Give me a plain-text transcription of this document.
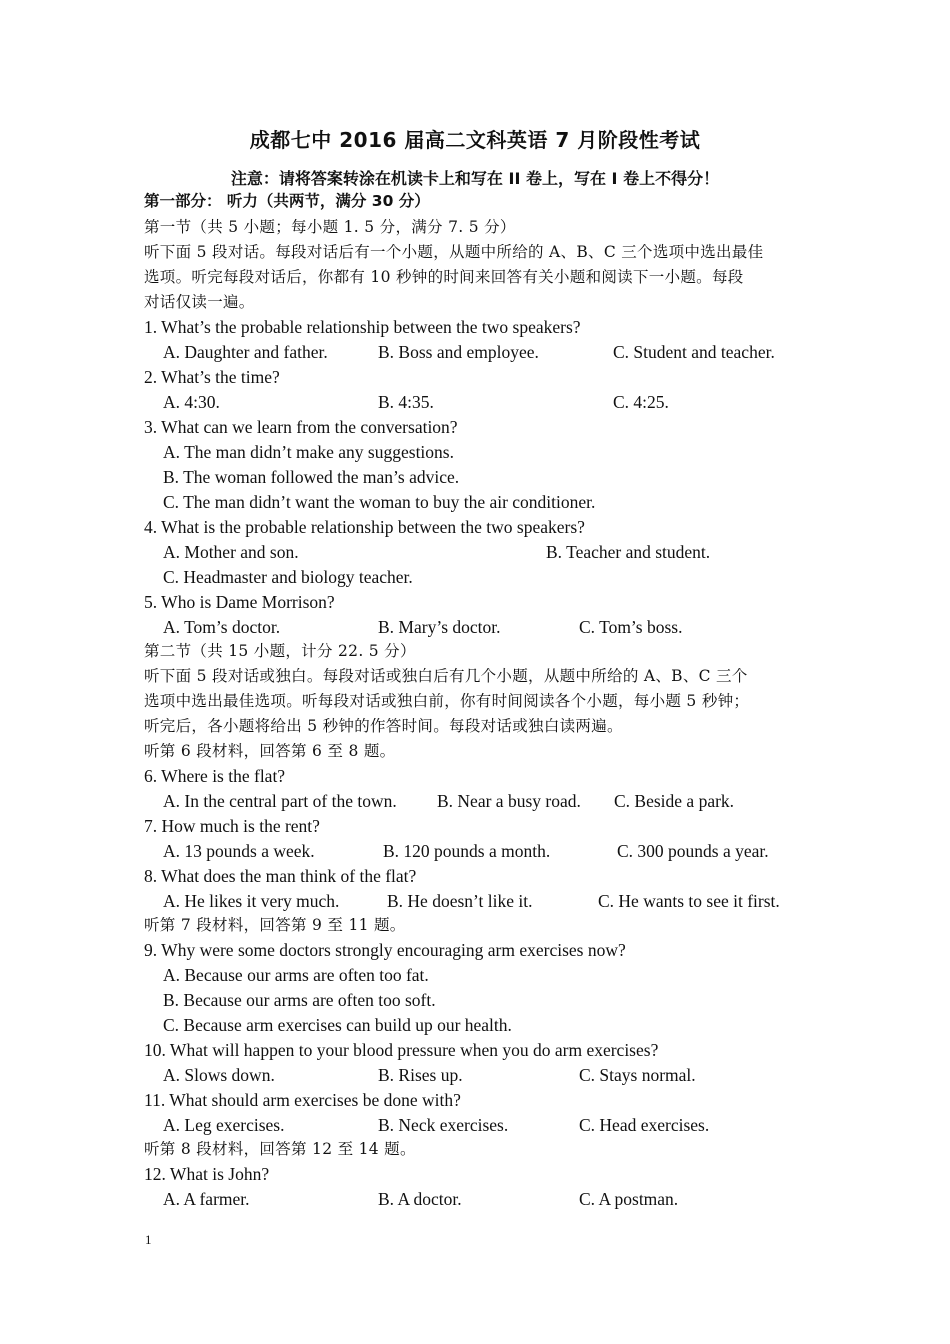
成都七中 2016 届高二文科英语 7 月阶段性考试
注意：请将答案转涂在机读卡上和写在 II 卷上，写在 I 卷上不得分！
第一部分： 听力（共两节，满分 30 分）
第一节（共 5 小题；每小题 1. 5 分，满分 7. 5 分）
听下面 5 段对话。每段对话后有一个小题，从题中所给的 A、B、C 三个选项中选出最佳
选项。听完每段对话后，你都有 10 秒钟的时间来回答有关小题和阅读下一小题。每段
对话仅读一遍。
1. What’s the probable relationship between the two speakers?
A. Daughter and father.	B. Boss and employee.	C. Student and teacher.
2. What’s the time?
A. 4:30.	B. 4:35.	C. 4:25.
3. What can we learn from the conversation?
A. The man didn’t make any suggestions.
B. The woman followed the man’s advice.
C. The man didn’t want the woman to buy the air conditioner.
4. What is the probable relationship between the two speakers?
A. Mother and son.	B. Teacher and student.
C. Headmaster and biology teacher.
5. Who is Dame Morrison?
A. Tom’s doctor.	B. Mary’s doctor.	C. Tom’s boss.
第二节（共 15 小题，计分 22. 5 分）
听下面 5 段对话或独白。每段对话或独白后有几个小题，从题中所给的 A、B、C 三个
选项中选出最佳选项。听每段对话或独白前，你有时间阅读各个小题，每小题 5 秒钟；
听完后，各小题将给出 5 秒钟的作答时间。每段对话或独白读两遍。
听第 6 段材料，回答第 6 至 8 题。
6. Where is the flat?
A. In the central part of the town. B. Near a busy road. C. Beside a park.
7. How much is the rent?
A. 13 pounds a week.	B. 120 pounds a month.	C. 300 pounds a year.
8. What does the man think of the flat?
A. He likes it very much.	B. He doesn’t like it.	C. He wants to see it first.
听第 7 段材料，回答第 9 至 11 题。
9. Why were some doctors strongly encouraging arm exercises now?
A. Because our arms are often too fat.
B. Because our arms are often too soft.
C. Because arm exercises can build up our health.
10. What will happen to your blood pressure when you do arm exercises?
A. Slows down.	B. Rises up.	C. Stays normal.
11. What should arm exercises be done with?
A. Leg exercises.	B. Neck exercises.	C. Head exercises.
听第 8 段材料，回答第 12 至 14 题。
12. What is John?
A. A farmer.	B. A doctor.	C. A postman.
1
